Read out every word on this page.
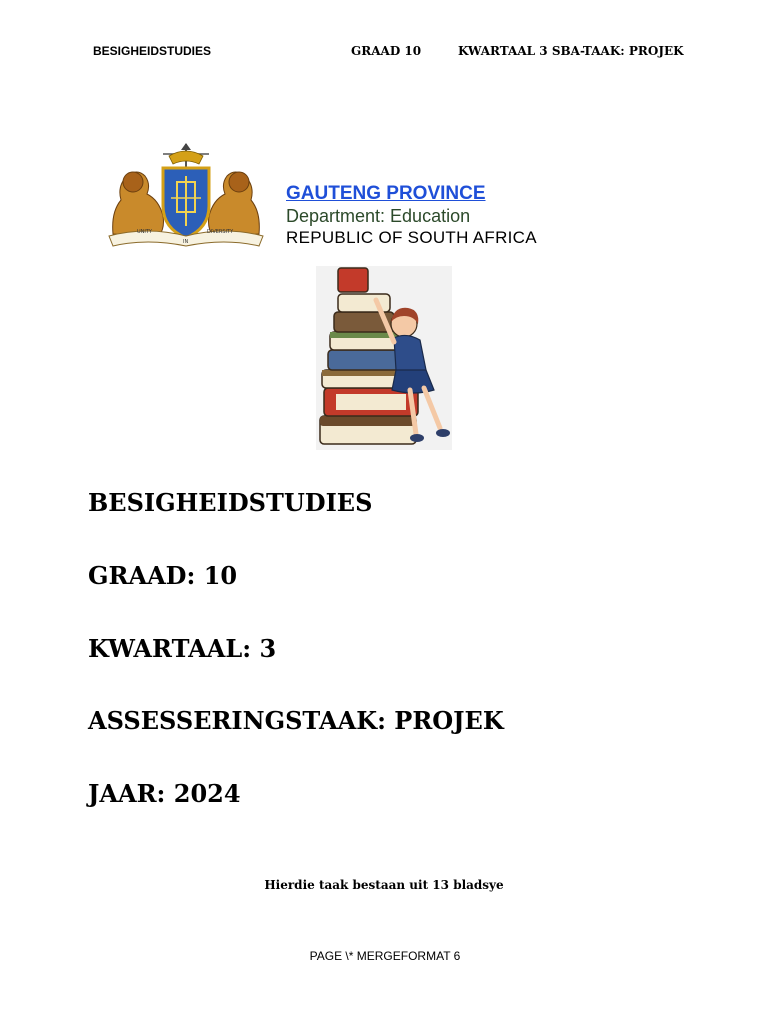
BESIGHEIDSTUDIES	GRAAD 10	KWARTAAL 3 SBA-TAAK: PROJEK
UNITY
IN
DIVERSITY
GAUTENG PROVINCE
Department: Education
REPUBLIC OF SOUTH AFRICA
BESIGHEIDSTUDIES
GRAAD: 10
KWARTAAL: 3
ASSESSERINGSTAAK: PROJEK
JAAR: 2024
Hierdie taak bestaan uit 13 bladsye
PAGE \* MERGEFORMAT 6
